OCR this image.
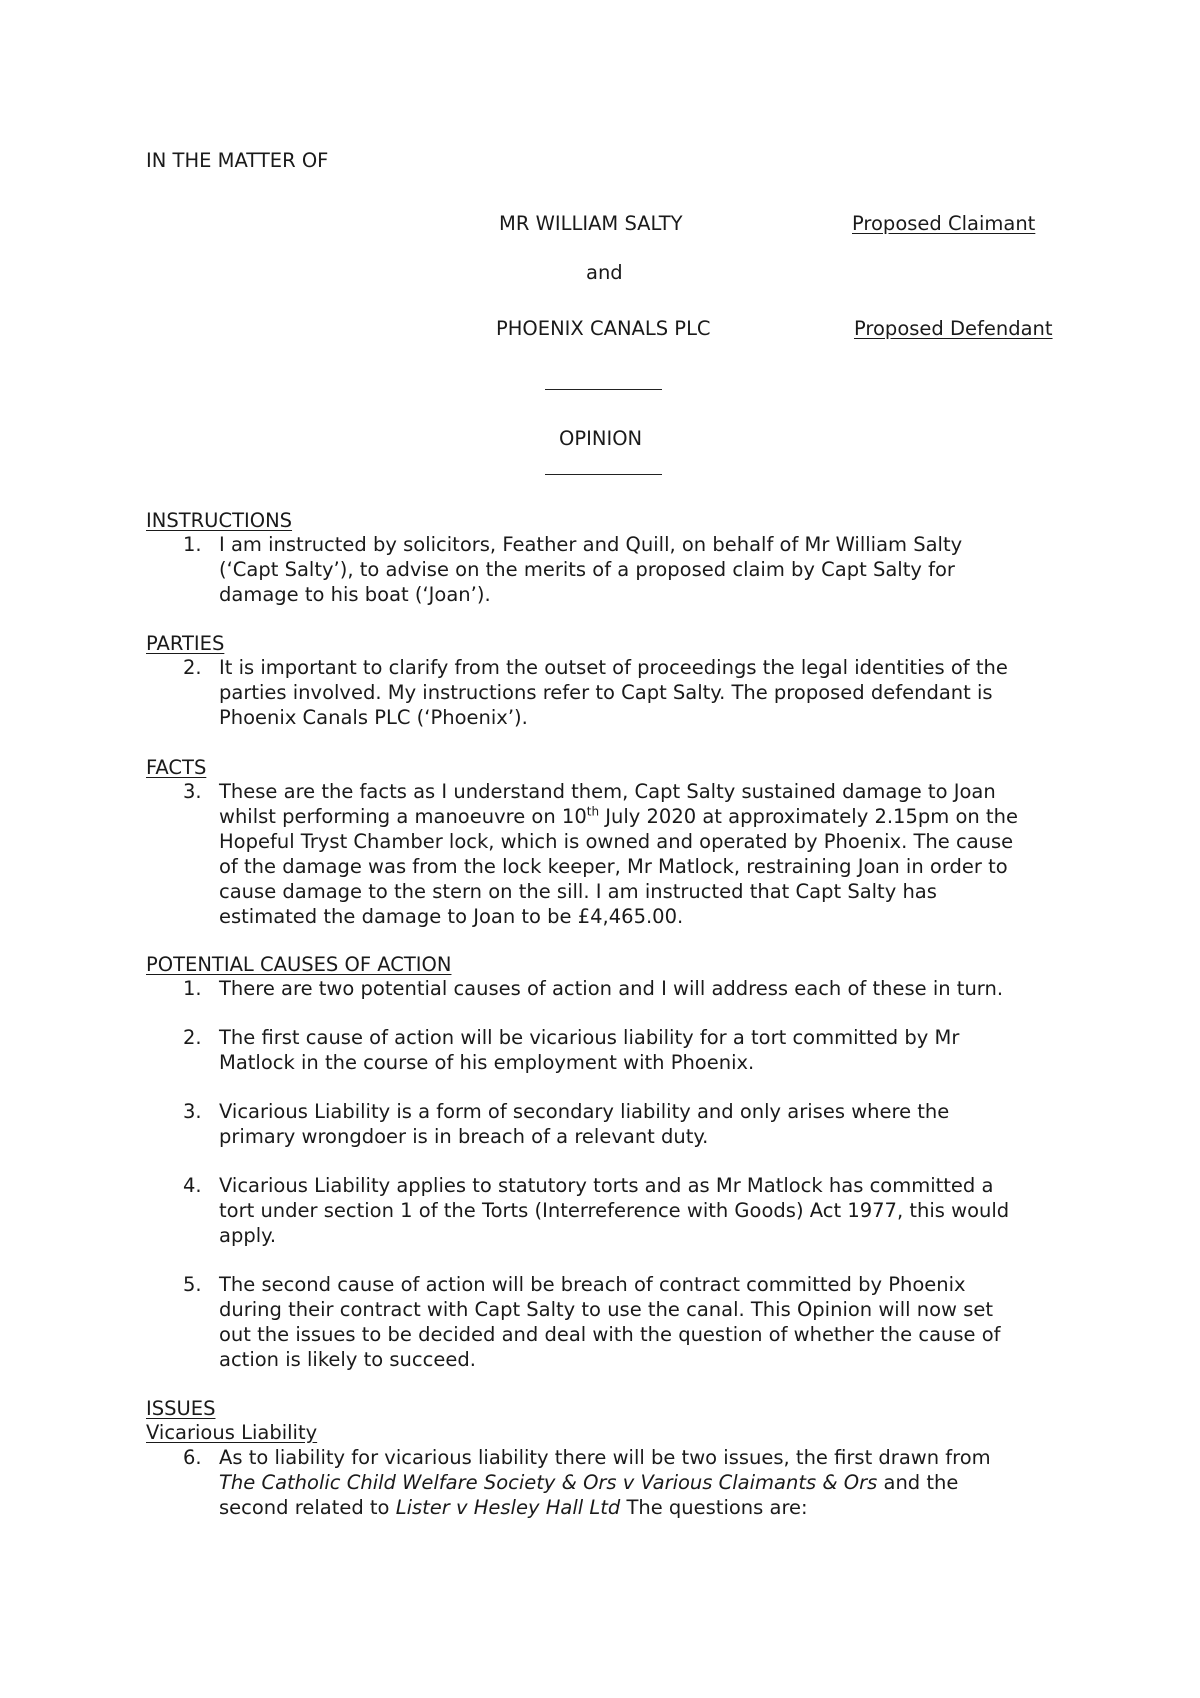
IN THE MATTER OF
MR WILLIAM SALTY	Proposed Claimant
and
PHOENIX CANALS PLC	Proposed Defendant
OPINION
INSTRUCTIONS
1. I am instructed by solicitors, Feather and Quill, on behalf of Mr William Salty
(‘Capt Salty’), to advise on the merits of a proposed claim by Capt Salty for
damage to his boat (‘Joan’).
PARTIES
2. It is important to clarify from the outset of proceedings the legal identities of the
parties involved. My instructions refer to Capt Salty. The proposed defendant is
Phoenix Canals PLC (‘Phoenix’).
FACTS
3. These are the facts as I understand them, Capt Salty sustained damage to Joan
whilst performing a manoeuvre on 10th July 2020 at approximately 2.15pm on the
Hopeful Tryst Chamber lock, which is owned and operated by Phoenix. The cause
of the damage was from the lock keeper, Mr Matlock, restraining Joan in order to
cause damage to the stern on the sill. I am instructed that Capt Salty has
estimated the damage to Joan to be £4,465.00.
POTENTIAL CAUSES OF ACTION
1. There are two potential causes of action and I will address each of these in turn.
2. The first cause of action will be vicarious liability for a tort committed by Mr
Matlock in the course of his employment with Phoenix.
3. Vicarious Liability is a form of secondary liability and only arises where the
primary wrongdoer is in breach of a relevant duty.
4. Vicarious Liability applies to statutory torts and as Mr Matlock has committed a
tort under section 1 of the Torts (Interreference with Goods) Act 1977, this would
apply.
5. The second cause of action will be breach of contract committed by Phoenix
during their contract with Capt Salty to use the canal. This Opinion will now set
out the issues to be decided and deal with the question of whether the cause of
action is likely to succeed.
ISSUES
Vicarious Liability
6. As to liability for vicarious liability there will be two issues, the first drawn from
The Catholic Child Welfare Society & Ors v Various Claimants & Ors and the
second related to Lister v Hesley Hall Ltd The questions are:
